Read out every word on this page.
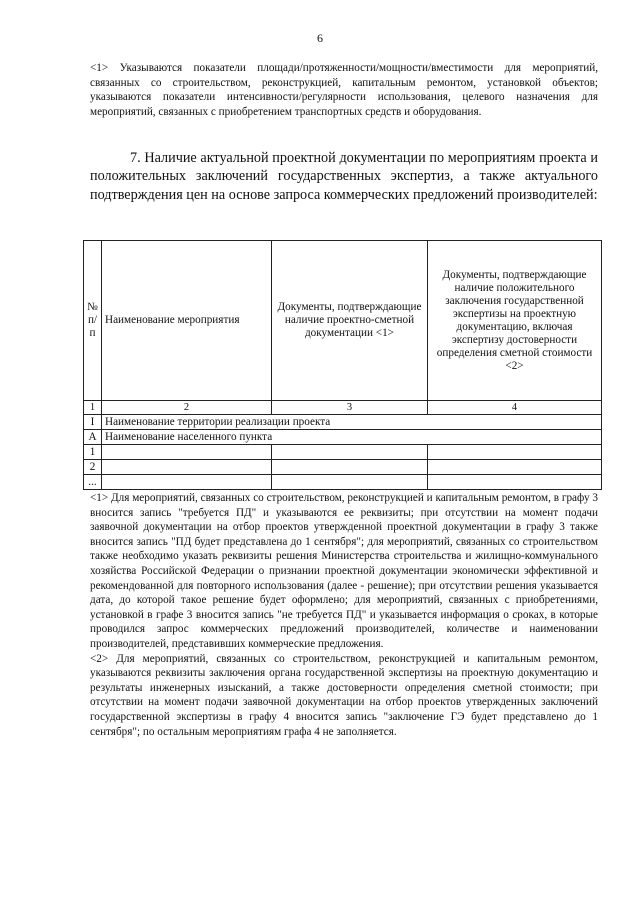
6
<1> Указываются показатели площади/протяженности/мощности/вместимости для мероприятий, связанных со строительством, реконструкцией, капитальным ремонтом, установкой объектов; указываются показатели интенсивности/регулярности использования, целевого назначения для мероприятий, связанных с приобретением транспортных средств и оборудования.
7. Наличие актуальной проектной документации по мероприятиям проекта и положительных заключений государственных экспертиз, а также актуального подтверждения цен на основе запроса коммерческих предложений производителей:
№ п/п	Наименование мероприятия	Документы, подтверждающие наличие проектно-сметной документации <1>	Документы, подтверждающие наличие положительного заключения государственной экспертизы на проектную документацию, включая экспертизу достоверности определения сметной стоимости <2>
1	2	3	4
I	Наименование территории реализации проекта		
А	Наименование населенного пункта		
1			
2			
...			

<1> Для мероприятий, связанных со строительством, реконструкцией и капитальным ремонтом, в графу 3 вносится запись "требуется ПД" и указываются ее реквизиты; при отсутствии на момент подачи заявочной документации на отбор проектов утвержденной проектной документации в графу 3 также вносится запись "ПД будет представлена до 1 сентября"; для мероприятий, связанных со строительством также необходимо указать реквизиты решения Министерства строительства и жилищно-коммунального хозяйства Российской Федерации о признании проектной документации экономически эффективной и рекомендованной для повторного использования (далее - решение); при отсутствии решения указывается дата, до которой такое решение будет оформлено; для мероприятий, связанных с приобретениями, установкой в графе 3 вносится запись "не требуется ПД" и указывается информация о сроках, в которые проводился запрос коммерческих предложений производителей, количестве и наименовании производителей, представивших коммерческие предложения.

<2> Для мероприятий, связанных со строительством, реконструкцией и капитальным ремонтом, указываются реквизиты заключения органа государственной экспертизы на проектную документацию и результаты инженерных изысканий, а также достоверности определения сметной стоимости; при отсутствии на момент подачи заявочной документации на отбор проектов утвержденных заключений государственной экспертизы в графу 4 вносится запись "заключение ГЭ будет представлено до 1 сентября"; по остальным мероприятиям графа 4 не заполняется.
